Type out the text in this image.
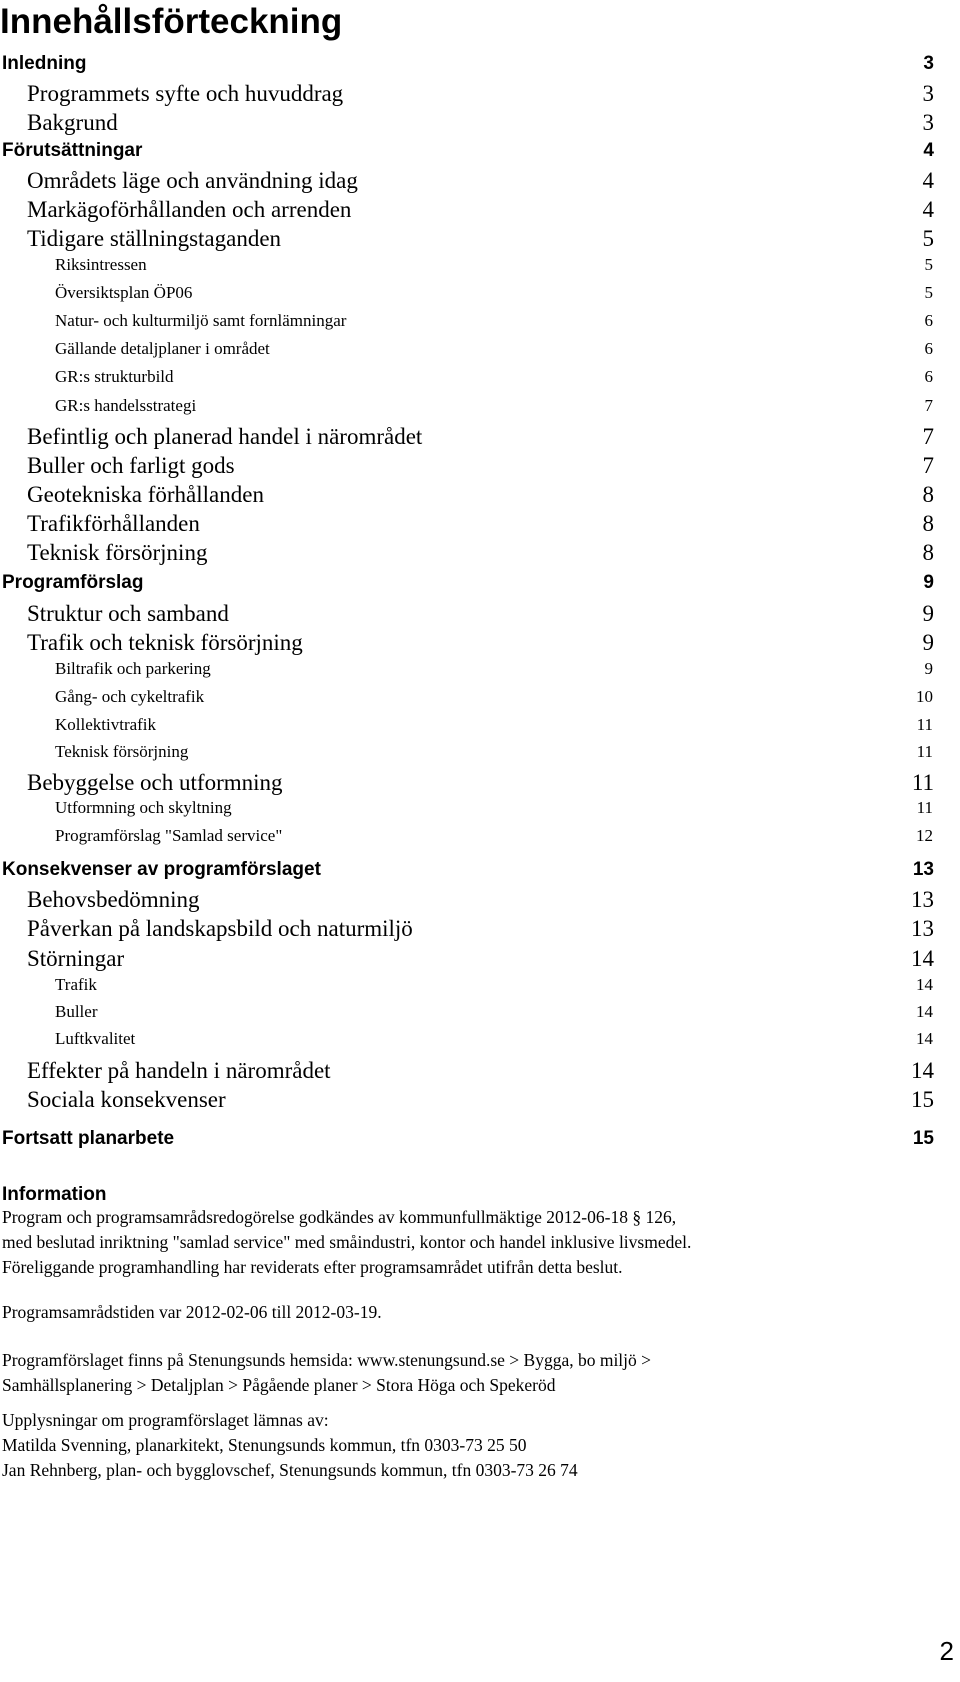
Innehållsförteckning
Inledning	3
Programmets syfte och huvuddrag	3
Bakgrund	3
Förutsättningar	4
Områdets läge och användning idag	4
Markägoförhållanden och arrenden	4
Tidigare ställningstaganden	5
Riksintressen	5
Översiktsplan ÖP06	5
Natur- och kulturmiljö samt fornlämningar	6
Gällande detaljplaner i området	6
GR:s strukturbild	6
GR:s handelsstrategi	7
Befintlig och planerad handel i närområdet	7
Buller och farligt gods	7
Geotekniska förhållanden	8
Trafikförhållanden	8
Teknisk försörjning	8
Programförslag	9
Struktur och samband	9
Trafik och teknisk försörjning	9
Biltrafik och parkering	9
Gång- och cykeltrafik	10
Kollektivtrafik	11
Teknisk försörjning	11
Bebyggelse och utformning	11
Utformning och skyltning	11
Programförslag "Samlad service"	12
Konsekvenser av programförslaget	13
Behovsbedömning	13
Påverkan på landskapsbild och naturmiljö	13
Störningar	14
Trafik	14
Buller	14
Luftkvalitet	14
Effekter på handeln i närområdet	14
Sociala konsekvenser	15
Fortsatt planarbete	15
Information

Program och programsamrådsredogörelse godkändes av kommunfullmäktige 2012-06-18 § 126,

med beslutad inriktning "samlad service" med småindustri, kontor och handel inklusive livsmedel.

Föreliggande programhandling har reviderats efter programsamrådet utifrån detta beslut.

Programsamrådstiden var 2012-02-06 till 2012-03-19.

Programförslaget finns på Stenungsunds hemsida: www.stenungsund.se > Bygga, bo miljö >

Samhällsplanering > Detaljplan > Pågående planer > Stora Höga och Spekeröd

Upplysningar om programförslaget lämnas av:

Matilda Svenning, planarkitekt, Stenungsunds kommun, tfn 0303-73 25 50

Jan Rehnberg, plan- och bygglovschef, Stenungsunds kommun, tfn 0303-73 26 74

2
